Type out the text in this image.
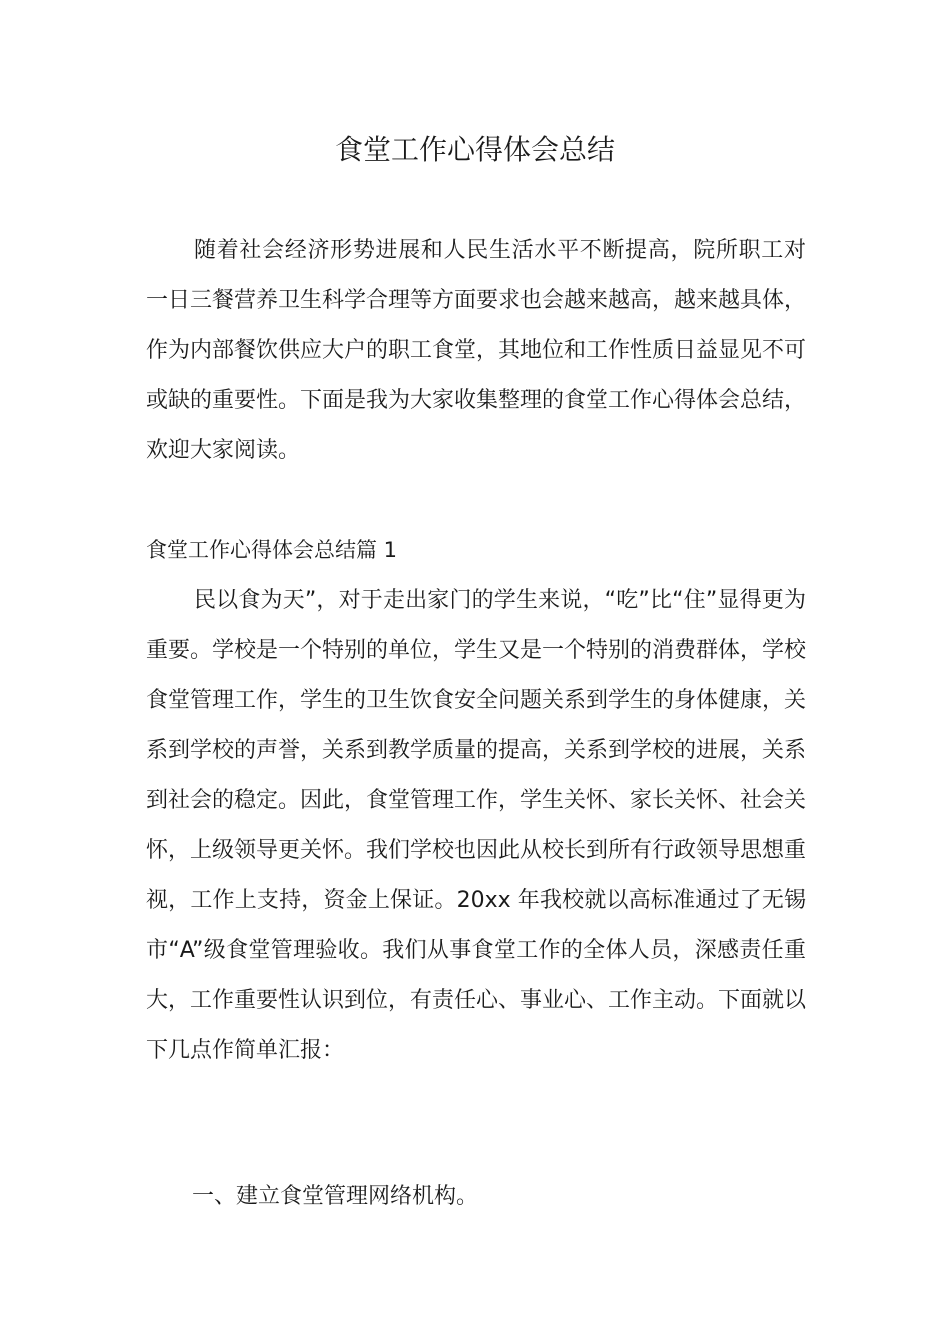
食堂工作心得体会总结

随着社会经济形势进展和人民生活水平不断提高，院所职工对一日三餐营养卫生科学合理等方面要求也会越来越高，越来越具体，作为内部餐饮供应大户的职工食堂，其地位和工作性质日益显见不可或缺的重要性。下面是我为大家收集整理的食堂工作心得体会总结，欢迎大家阅读。

食堂工作心得体会总结篇 1

民以食为天”，对于走出家门的学生来说，“吃”比“住”显得更为重要。学校是一个特别的单位，学生又是一个特别的消费群体，学校食堂管理工作，学生的卫生饮食安全问题关系到学生的身体健康，关系到学校的声誉，关系到教学质量的提高，关系到学校的进展，关系到社会的稳定。因此，食堂管理工作，学生关怀、家长关怀、社会关怀，上级领导更关怀。我们学校也因此从校长到所有行政领导思想重视，工作上支持，资金上保证。20xx 年我校就以高标准通过了无锡市“A”级食堂管理验收。我们从事食堂工作的全体人员，深感责任重大，工作重要性认识到位，有责任心、事业心、工作主动。下面就以下几点作简单汇报：

一、建立食堂管理网络机构。
